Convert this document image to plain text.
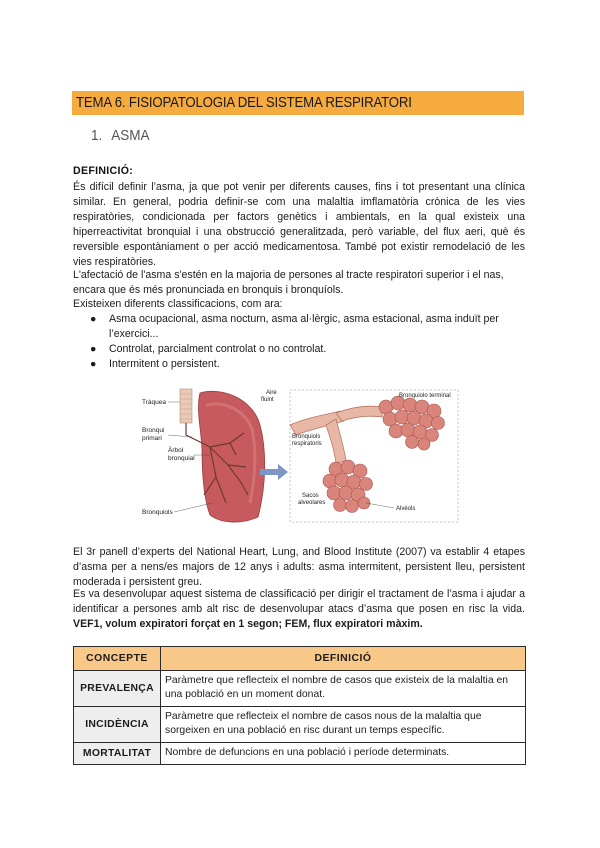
TEMA 6. FISIOPATOLOGIA DEL SISTEMA RESPIRATORI
1. ASMA
DEFINICIÓ:
És difícil definir l’asma, ja que pot venir per diferents causes, fins i tot presentant una clínica similar. En general, podria definir-se com una malaltia imflamatòria crònica de les vies respiratòries, condicionada per factors genètics i ambientals, en la qual existeix una hiperreactivitat bronquial i una obstrucció generalitzada, però variable, del flux aeri, què és reversible espontàniament o per acció medicamentosa. També pot existir remodelació de les vies respiratòries.
L'afectació de l'asma s'estén en la majoria de persones al tracte respiratori superior i el nas, encara que és més pronunciada en bronquis i bronquíols.
Existeixen diferents classificacions, com ara:
● Asma ocupacional, asma nocturn, asma al·lèrgic, asma estacional, asma induït per l’exercici...
● Controlat, parcialment controlat o no controlat.
● Intermitent o persistent.
Tràquea
Bronqui
primari
Àrbol
bronquial
Bronquiols
Aire
fluint
Bronquiolo terminal
Bronquiols
respiratoris
Sacos
alveolares
Alvèols
El 3r panell d’experts del National Heart, Lung, and Blood Institute (2007) va establir 4 etapes d’asma per a nens/es majors de 12 anys i adults: asma intermitent, persistent lleu, persistent moderada i persistent greu.
Es va desenvolupar aquest sistema de classificació per dirigir el tractament de l’asma i ajudar a identificar a persones amb alt risc de desenvolupar atacs d’asma que posen en risc la vida. VEF1, volum expiratori forçat en 1 segon; FEM, flux expiratori màxim.
CONCEPTE	DEFINICIÓ
PREVALENÇA	Paràmetre que reflecteix el nombre de casos que existeix de la malaltia en una població en un moment donat.
INCIDÈNCIA	Paràmetre que reflecteix el nombre de casos nous de la malaltia que sorgeixen en una població en risc durant un temps específic.
MORTALITAT	Nombre de defuncions en una població i període determinats.
